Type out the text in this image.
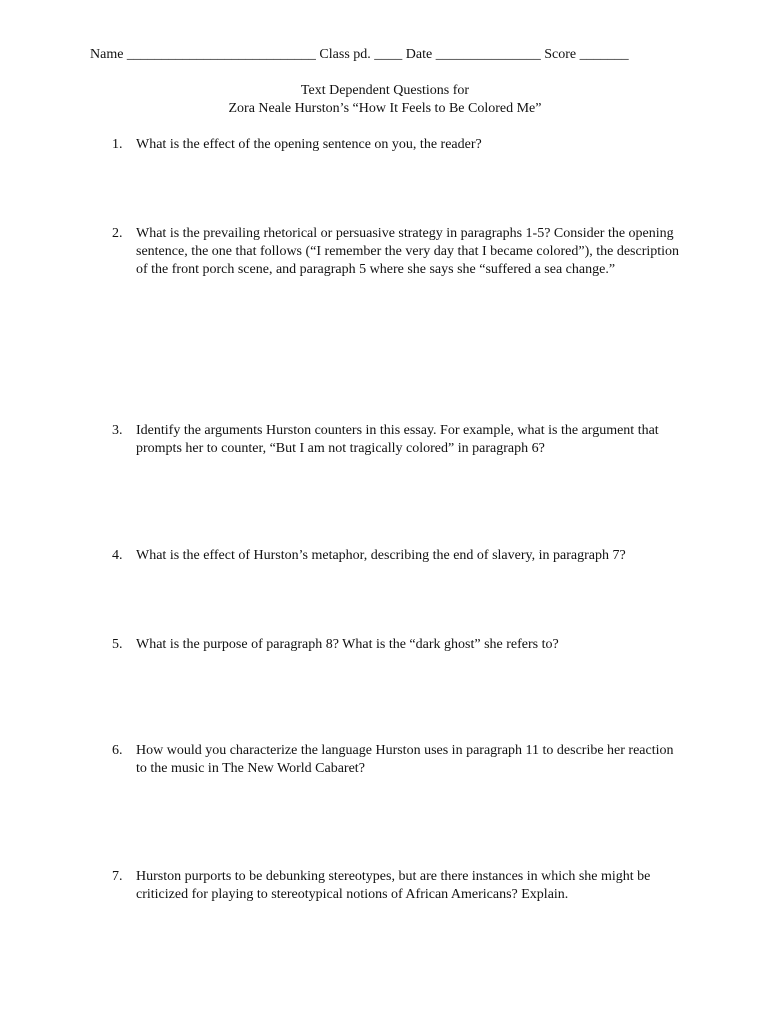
Name ___________________________ Class pd. ____ Date _______________ Score _______
Text Dependent Questions for
Zora Neale Hurston’s “How It Feels to Be Colored Me”
1. What is the effect of the opening sentence on you, the reader?
2. What is the prevailing rhetorical or persuasive strategy in paragraphs 1-5? Consider the opening sentence, the one that follows (“I remember the very day that I became colored”), the description of the front porch scene, and paragraph 5 where she says she “suffered a sea change.”
3. Identify the arguments Hurston counters in this essay. For example, what is the argument that prompts her to counter, “But I am not tragically colored” in paragraph 6?
4. What is the effect of Hurston’s metaphor, describing the end of slavery, in paragraph 7?
5. What is the purpose of paragraph 8? What is the “dark ghost” she refers to?
6. How would you characterize the language Hurston uses in paragraph 11 to describe her reaction to the music in The New World Cabaret?
7. Hurston purports to be debunking stereotypes, but are there instances in which she might be criticized for playing to stereotypical notions of African Americans? Explain.
